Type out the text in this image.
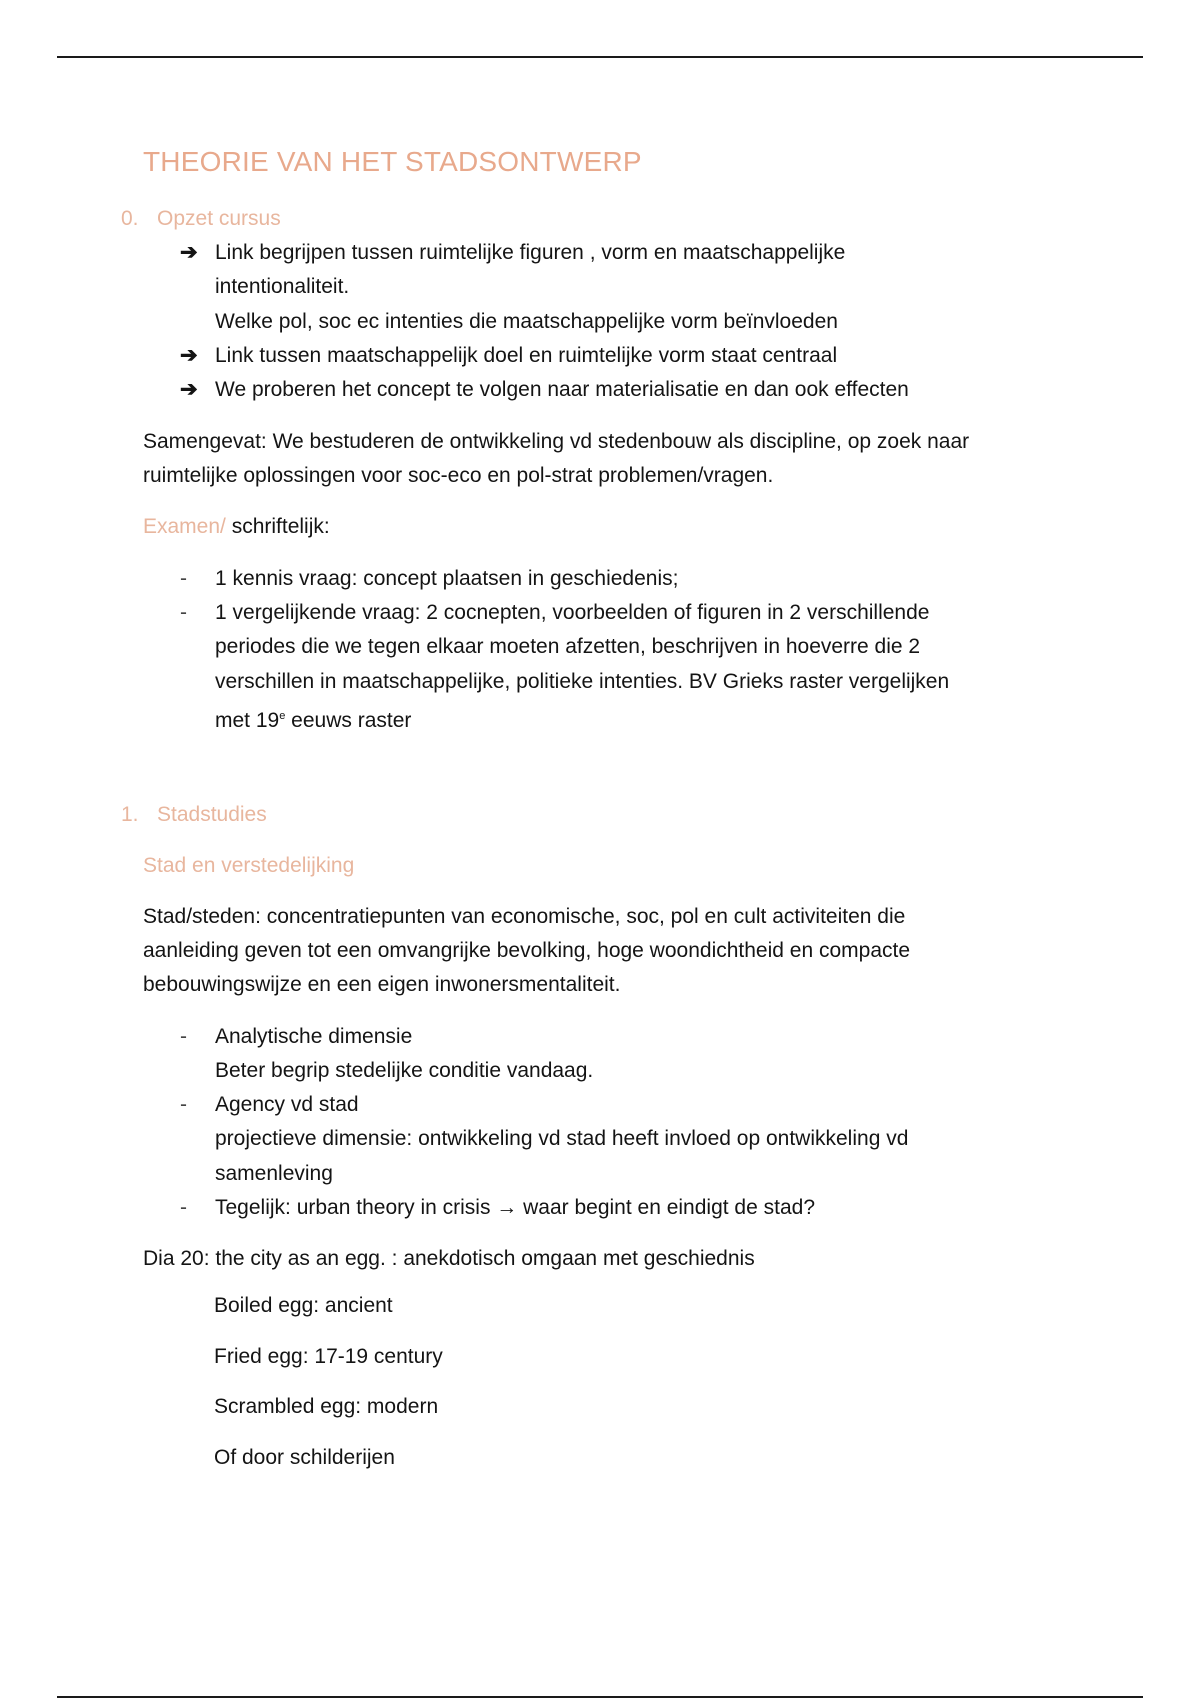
THEORIE VAN HET STADSONTWERP
0. Opzet cursus
➔ Link begrijpen tussen ruimtelijke figuren , vorm en maatschappelijke
intentionaliteit.
Welke pol, soc ec intenties die maatschappelijke vorm beïnvloeden
➔ Link tussen maatschappelijk doel en ruimtelijke vorm staat centraal
➔ We proberen het concept te volgen naar materialisatie en dan ook effecten
Samengevat: We bestuderen de ontwikkeling vd stedenbouw als discipline, op zoek naar
ruimtelijke oplossingen voor soc-eco en pol-strat problemen/vragen.
Examen/ schriftelijk:
- 1 kennis vraag: concept plaatsen in geschiedenis;
- 1 vergelijkende vraag: 2 cocnepten, voorbeelden of figuren in 2 verschillende
periodes die we tegen elkaar moeten afzetten, beschrijven in hoeverre die 2
verschillen in maatschappelijke, politieke intenties. BV Grieks raster vergelijken
met 19e eeuws raster
1. Stadstudies
Stad en verstedelijking
Stad/steden: concentratiepunten van economische, soc, pol en cult activiteiten die
aanleiding geven tot een omvangrijke bevolking, hoge woondichtheid en compacte
bebouwingswijze en een eigen inwonersmentaliteit.
- Analytische dimensie
Beter begrip stedelijke conditie vandaag.
- Agency vd stad
projectieve dimensie: ontwikkeling vd stad heeft invloed op ontwikkeling vd
samenleving
- Tegelijk: urban theory in crisis → waar begint en eindigt de stad?
Dia 20: the city as an egg. : anekdotisch omgaan met geschiednis
Boiled egg: ancient
Fried egg: 17-19 century
Scrambled egg: modern
Of door schilderijen
